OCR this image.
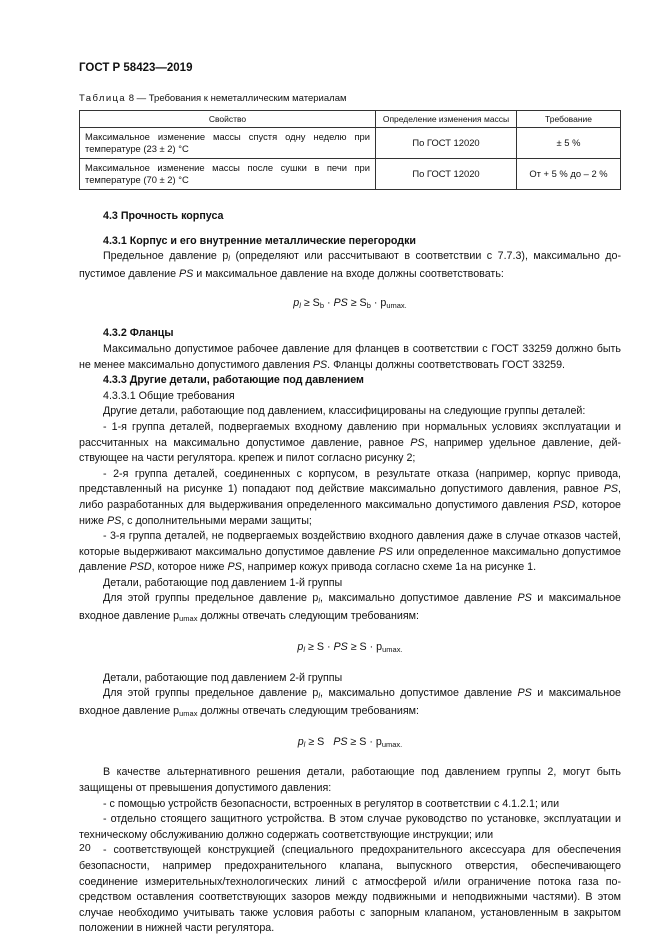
ГОСТ Р 58423—2019
Таблица 8 — Требования к неметаллическим материалам
Свойство	Определение изменения массы	Требование
Максимальное изменение массы спустя одну неделю при температуре (23 ± 2) °C	По ГОСТ 12020	± 5 %
Максимальное изменение массы после сушки в печи при температуре (70 ± 2) °C	По ГОСТ 12020	От + 5 % до – 2 %

4.3 Прочность корпуса

4.3.1 Корпус и его внутренние металлические перегородки

Предельное давление $p_l$ (определяют или рассчитывают в соответствии с 7.7.3), максимально допустимое давление PS и максимальное давление на входе должны соответствовать:

$p_l \ge S_b$ · PS ≥ $S_b \cdot p_{umax.}$

4.3.2 Фланцы

Максимально допустимое рабочее давление для фланцев в соответствии с ГОСТ 33259 должно быть не менее максимально допустимого давления PS. Фланцы должны соответствовать ГОСТ 33259.

4.3.3 Другие детали, работающие под давлением

4.3.3.1 Общие требования

Другие детали, работающие под давлением, классифицированы на следующие группы деталей:

- 1-я группа деталей, подвергаемых входному давлению при нормальных условиях эксплуатации и рассчитанных на максимально допустимое давление, равное PS, например удельное давление, действующее на части регулятора. крепеж и пилот согласно рисунку 2;

- 2-я группа деталей, соединенных с корпусом, в результате отказа (например, корпус привода, представленный на рисунке 1) попадают под действие максимально допустимого давления, равное PS, либо разработанных для выдерживания определенного максимально допустимого давления PSD, которое ниже PS, с дополнительными мерами защиты;

- 3-я группа деталей, не подвергаемых воздействию входного давления даже в случае отказов частей, которые выдерживают максимально допустимое давление PS или определенное максимально допустимое давление PSD, которое ниже PS, например кожух привода согласно схеме 1а на рисунке 1.

Детали, работающие под давлением 1-й группы

Для этой группы предельное давление $p_l$, максимально допустимое давление PS и максимальное входное давление $p_{umax}$ должны отвечать следующим требованиям:

$p_l \ge S$ · PS ≥ $S \cdot p_{umax.}$

Детали, работающие под давлением 2-й группы

Для этой группы предельное давление $p_l$, максимально допустимое давление PS и максимальное входное давление $p_{umax}$ должны отвечать следующим требованиям:

$p_l \ge S$   PS ≥ $S \cdot p_{umax.}$

В качестве альтернативного решения детали, работающие под давлением группы 2, могут быть защищены от превышения допустимого давления:

- с помощью устройств безопасности, встроенных в регулятор в соответствии с 4.1.2.1; или

- отдельно стоящего защитного устройства. В этом случае руководство по установке, эксплуатации и техническому обслуживанию должно содержать соответствующие инструкции; или

- соответствующей конструкцией (специального предохранительного аксессуара для обеспечения безопасности, например предохранительного клапана, выпускного отверстия, обеспечивающего соединение измерительных/технологических линий с атмосферой и/или ограничение потока газа посредством оставления соответствующих зазоров между подвижными и неподвижными частями). В этом случае необходимо учитывать также условия работы с запорным клапаном, установленным в закрытом положении в нижней части регулятора.

20
